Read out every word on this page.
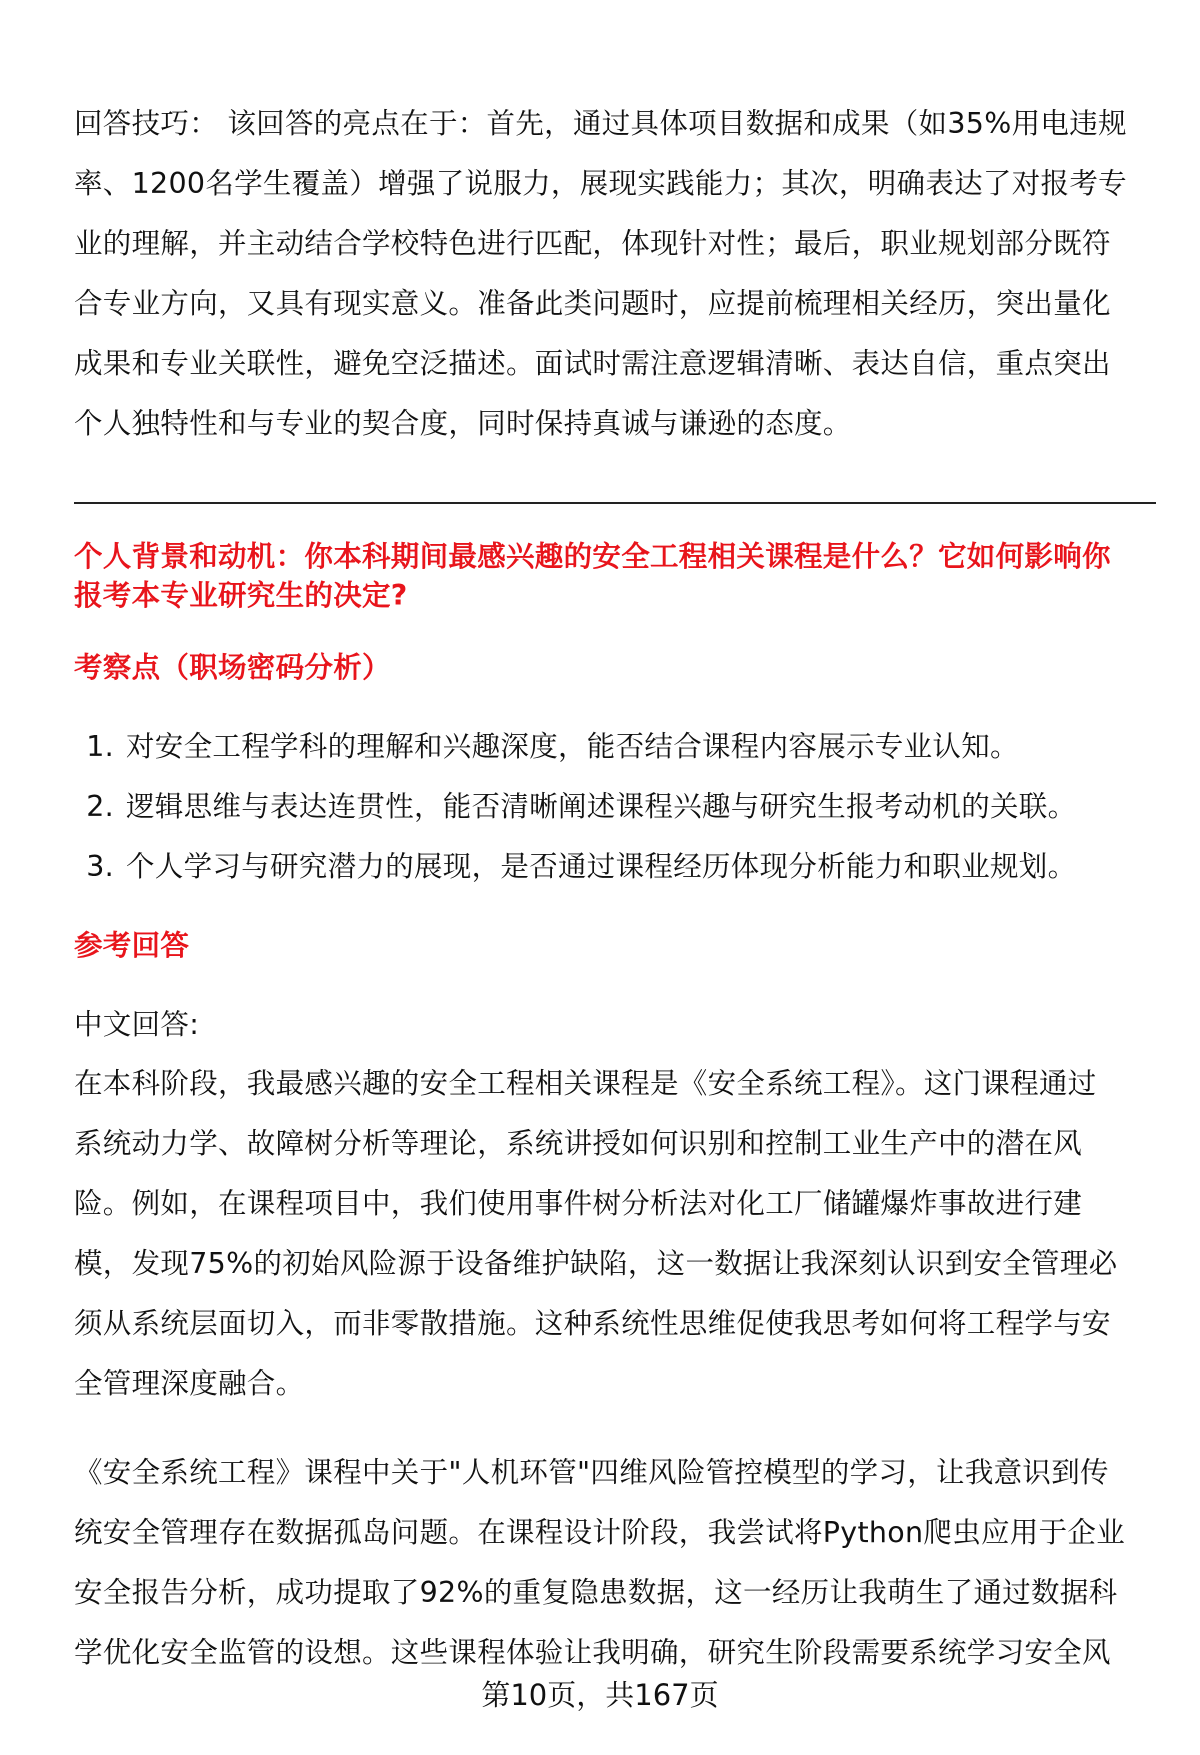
回答技巧： 该回答的亮点在于：首先，通过具体项目数据和成果（如35%用电违规
率、1200名学生覆盖）增强了说服力，展现实践能力；其次，明确表达了对报考专
业的理解，并主动结合学校特色进行匹配，体现针对性；最后，职业规划部分既符
合专业方向，又具有现实意义。准备此类问题时，应提前梳理相关经历，突出量化
成果和专业关联性，避免空泛描述。面试时需注意逻辑清晰、表达自信，重点突出
个人独特性和与专业的契合度，同时保持真诚与谦逊的态度。
个人背景和动机：你本科期间最感兴趣的安全工程相关课程是什么？它如何影响你
报考本专业研究生的决定?
考察点（职场密码分析）
1. 对安全工程学科的理解和兴趣深度，能否结合课程内容展示专业认知。
2. 逻辑思维与表达连贯性，能否清晰阐述课程兴趣与研究生报考动机的关联。
3. 个人学习与研究潜力的展现，是否通过课程经历体现分析能力和职业规划。
参考回答
中文回答:
在本科阶段，我最感兴趣的安全工程相关课程是《安全系统工程》。这门课程通过
系统动力学、故障树分析等理论，系统讲授如何识别和控制工业生产中的潜在风
险。例如，在课程项目中，我们使用事件树分析法对化工厂储罐爆炸事故进行建
模，发现75%的初始风险源于设备维护缺陷，这一数据让我深刻认识到安全管理必
须从系统层面切入，而非零散措施。这种系统性思维促使我思考如何将工程学与安
全管理深度融合。
《安全系统工程》课程中关于"人机环管"四维风险管控模型的学习，让我意识到传
统安全管理存在数据孤岛问题。在课程设计阶段，我尝试将Python爬虫应用于企业
安全报告分析，成功提取了92%的重复隐患数据，这一经历让我萌生了通过数据科
学优化安全监管的设想。这些课程体验让我明确，研究生阶段需要系统学习安全风
第10页，共167页
